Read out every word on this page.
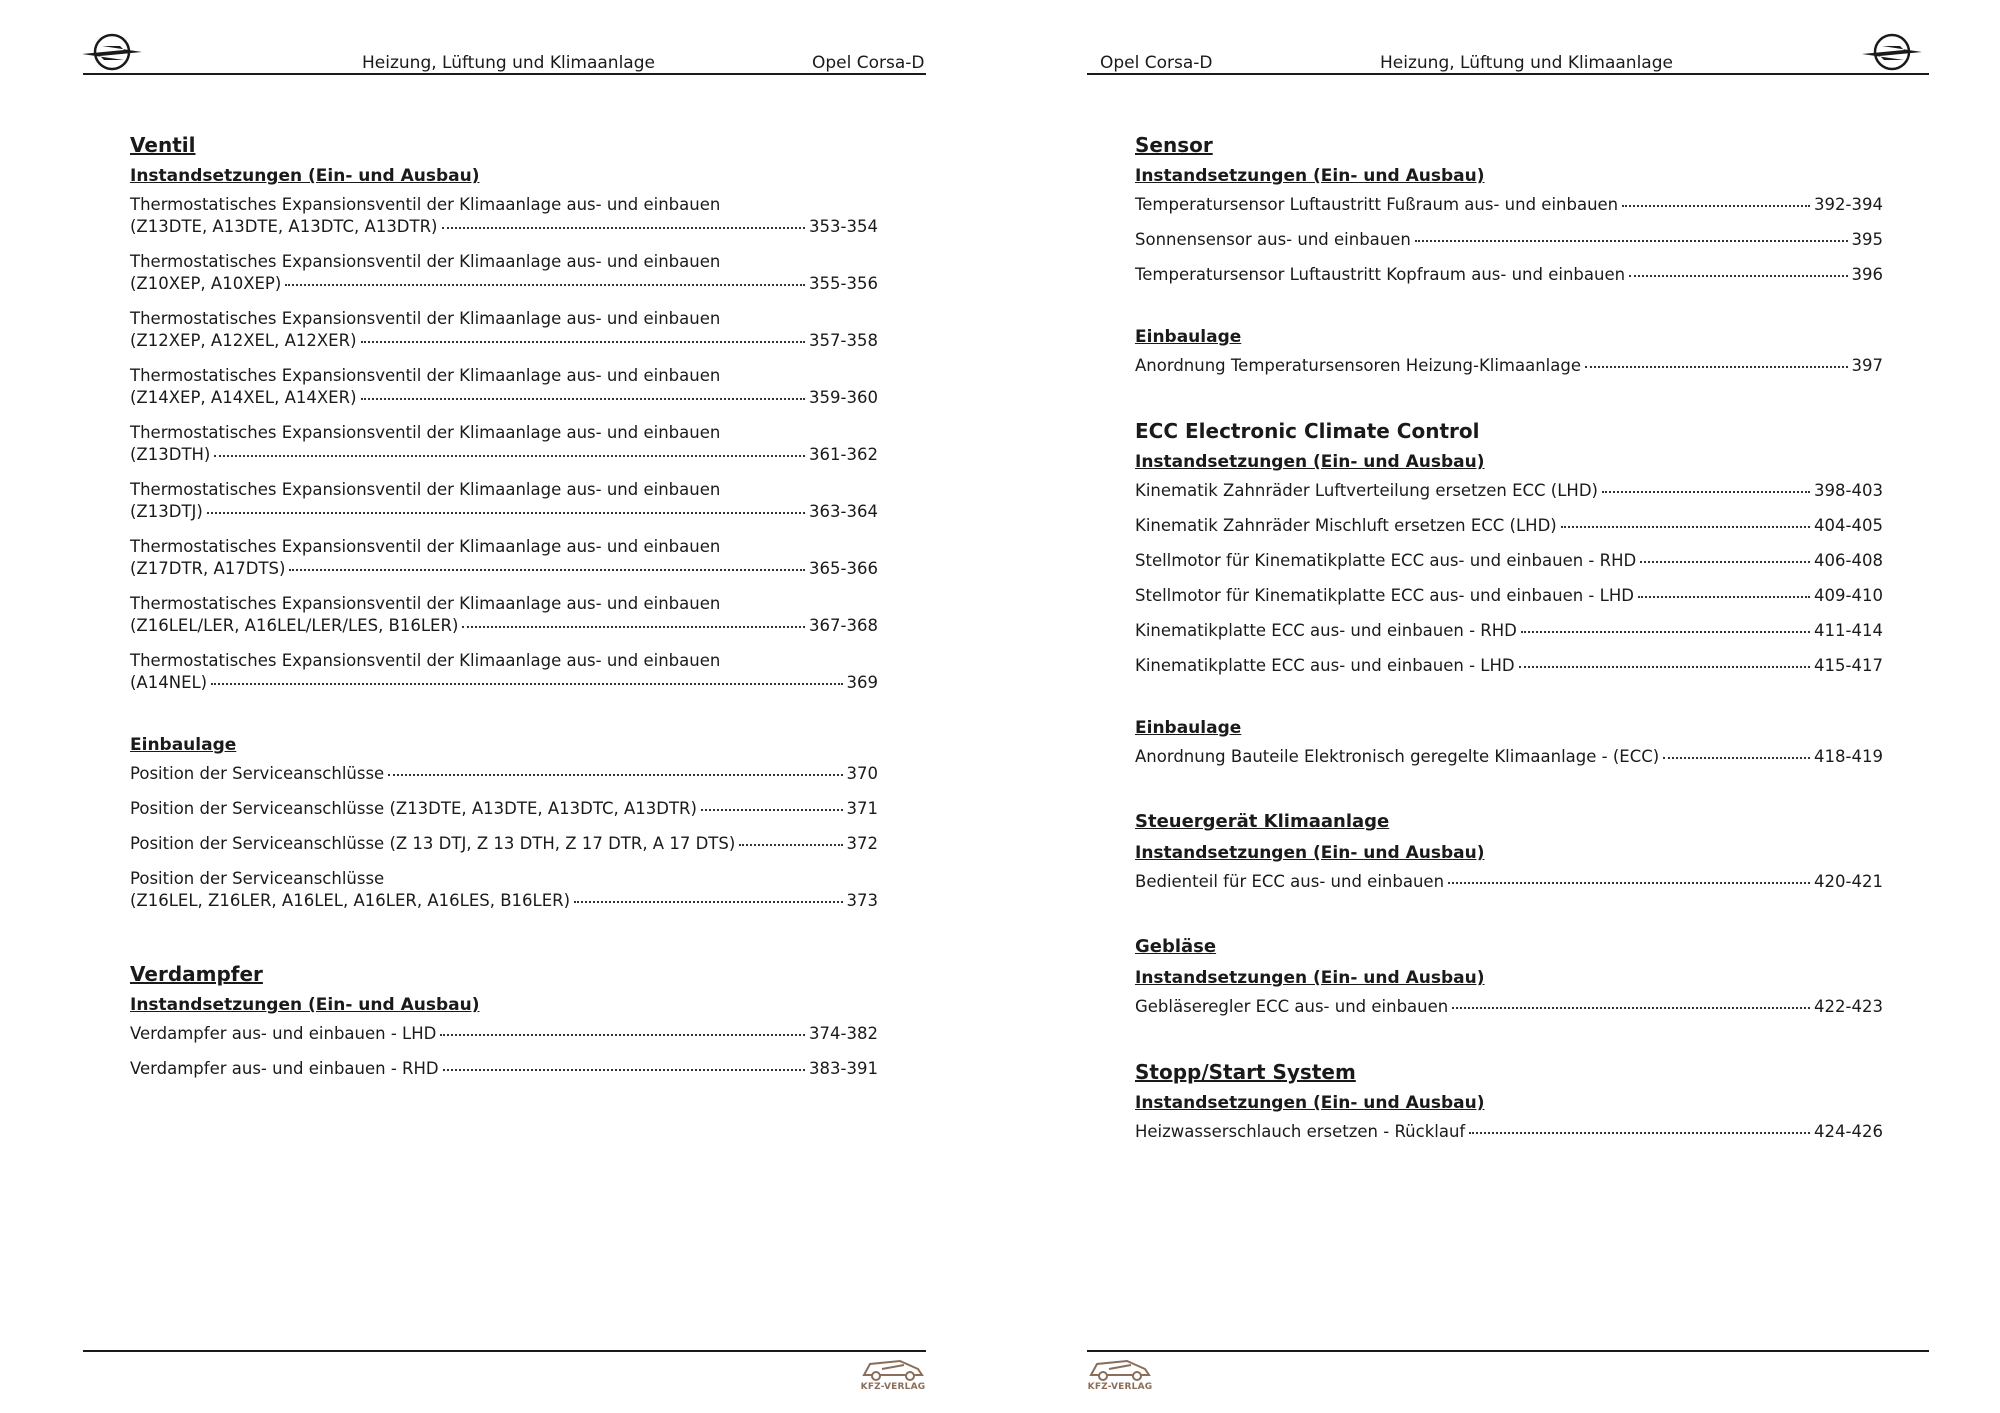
Heizung, Lüftung und Klimaanlage	Opel Corsa-D
Ventil
Instandsetzungen (Ein- und Ausbau)
Thermostatisches Expansionsventil der Klimaanlage aus- und einbauen
(Z13DTE, A13DTE, A13DTC, A13DTR)	353-354
Thermostatisches Expansionsventil der Klimaanlage aus- und einbauen
(Z10XEP, A10XEP)	355-356
Thermostatisches Expansionsventil der Klimaanlage aus- und einbauen
(Z12XEP, A12XEL, A12XER)	357-358
Thermostatisches Expansionsventil der Klimaanlage aus- und einbauen
(Z14XEP, A14XEL, A14XER)	359-360
Thermostatisches Expansionsventil der Klimaanlage aus- und einbauen
(Z13DTH)	361-362
Thermostatisches Expansionsventil der Klimaanlage aus- und einbauen
(Z13DTJ)	363-364
Thermostatisches Expansionsventil der Klimaanlage aus- und einbauen
(Z17DTR, A17DTS)	365-366
Thermostatisches Expansionsventil der Klimaanlage aus- und einbauen
(Z16LEL/LER, A16LEL/LER/LES, B16LER)	367-368
Thermostatisches Expansionsventil der Klimaanlage aus- und einbauen
(A14NEL)	369
Einbaulage
Position der Serviceanschlüsse	370
Position der Serviceanschlüsse (Z13DTE, A13DTE, A13DTC, A13DTR)	371
Position der Serviceanschlüsse (Z 13 DTJ, Z 13 DTH, Z 17 DTR, A 17 DTS)	372
Position der Serviceanschlüsse
(Z16LEL, Z16LER, A16LEL, A16LER, A16LES, B16LER)	373
Verdampfer
Instandsetzungen (Ein- und Ausbau)
Verdampfer aus- und einbauen - LHD	374-382
Verdampfer aus- und einbauen - RHD	383-391
KFZ-VERLAG
Opel Corsa-D	Heizung, Lüftung und Klimaanlage
Sensor
Instandsetzungen (Ein- und Ausbau)
Temperatursensor Luftaustritt Fußraum aus- und einbauen	392-394
Sonnensensor aus- und einbauen	395
Temperatursensor Luftaustritt Kopfraum aus- und einbauen	396
Einbaulage
Anordnung Temperatursensoren Heizung-Klimaanlage	397
ECC Electronic Climate Control
Instandsetzungen (Ein- und Ausbau)
Kinematik Zahnräder Luftverteilung ersetzen ECC (LHD)	398-403
Kinematik Zahnräder Mischluft ersetzen ECC (LHD)	404-405
Stellmotor für Kinematikplatte ECC aus- und einbauen - RHD	406-408
Stellmotor für Kinematikplatte ECC aus- und einbauen - LHD	409-410
Kinematikplatte ECC aus- und einbauen - RHD	411-414
Kinematikplatte ECC aus- und einbauen - LHD	415-417
Einbaulage
Anordnung Bauteile Elektronisch geregelte Klimaanlage - (ECC)	418-419
Steuergerät Klimaanlage
Instandsetzungen (Ein- und Ausbau)
Bedienteil für ECC aus- und einbauen	420-421
Gebläse
Instandsetzungen (Ein- und Ausbau)
Gebläseregler ECC aus- und einbauen	422-423
Stopp/Start System
Instandsetzungen (Ein- und Ausbau)
Heizwasserschlauch ersetzen - Rücklauf	424-426
KFZ-VERLAG
